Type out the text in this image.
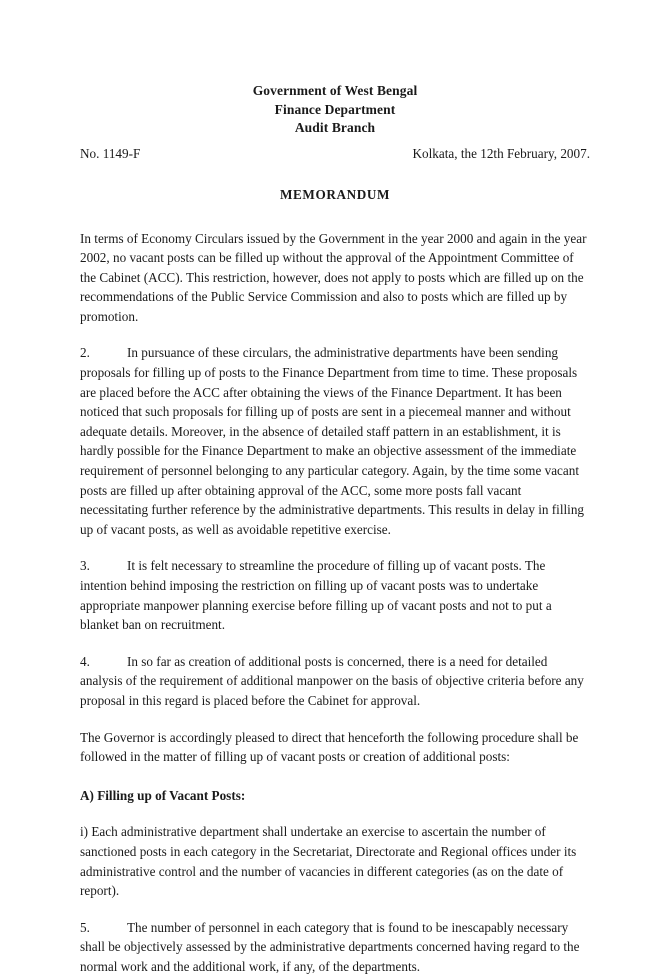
Government of West Bengal
Finance Department
Audit Branch
No. 1149-F	Kolkata, the 12th February, 2007.
MEMORANDUM

In terms of Economy Circulars issued by the Government in the year 2000 and again in the year 2002, no vacant posts can be filled up without the approval of the Appointment Committee of the Cabinet (ACC). This restriction, however, does not apply to posts which are filled up on the recommendations of the Public Service Commission and also to posts which are filled up by promotion.

2.	In pursuance of these circulars, the administrative departments have been sending proposals for filling up of posts to the Finance Department from time to time. These proposals are placed before the ACC after obtaining the views of the Finance Department. It has been noticed that such proposals for filling up of posts are sent in a piecemeal manner and without adequate details. Moreover, in the absence of detailed staff pattern in an establishment, it is hardly possible for the Finance Department to make an objective assessment of the immediate requirement of personnel belonging to any particular category. Again, by the time some vacant posts are filled up after obtaining approval of the ACC, some more posts fall vacant necessitating further reference by the administrative departments. This results in delay in filling up of vacant posts, as well as avoidable repetitive exercise.

3.	It is felt necessary to streamline the procedure of filling up of vacant posts. The intention behind imposing the restriction on filling up of vacant posts was to undertake appropriate manpower planning exercise before filling up of vacant posts and not to put a blanket ban on recruitment.

4.	In so far as creation of additional posts is concerned, there is a need for detailed analysis of the requirement of additional manpower on the basis of objective criteria before any proposal in this regard is placed before the Cabinet for approval.

The Governor is accordingly pleased to direct that henceforth the following procedure shall be followed in the matter of filling up of vacant posts or creation of additional posts:

A) Filling up of Vacant Posts:

i) Each administrative department shall undertake an exercise to ascertain the number of sanctioned posts in each category in the Secretariat, Directorate and Regional offices under its administrative control and the number of vacancies in different categories (as on the date of report).

5.	The number of personnel in each category that is found to be inescapably necessary shall be objectively assessed by the administrative departments concerned having regard to the normal work and the additional work, if any, of the departments.
